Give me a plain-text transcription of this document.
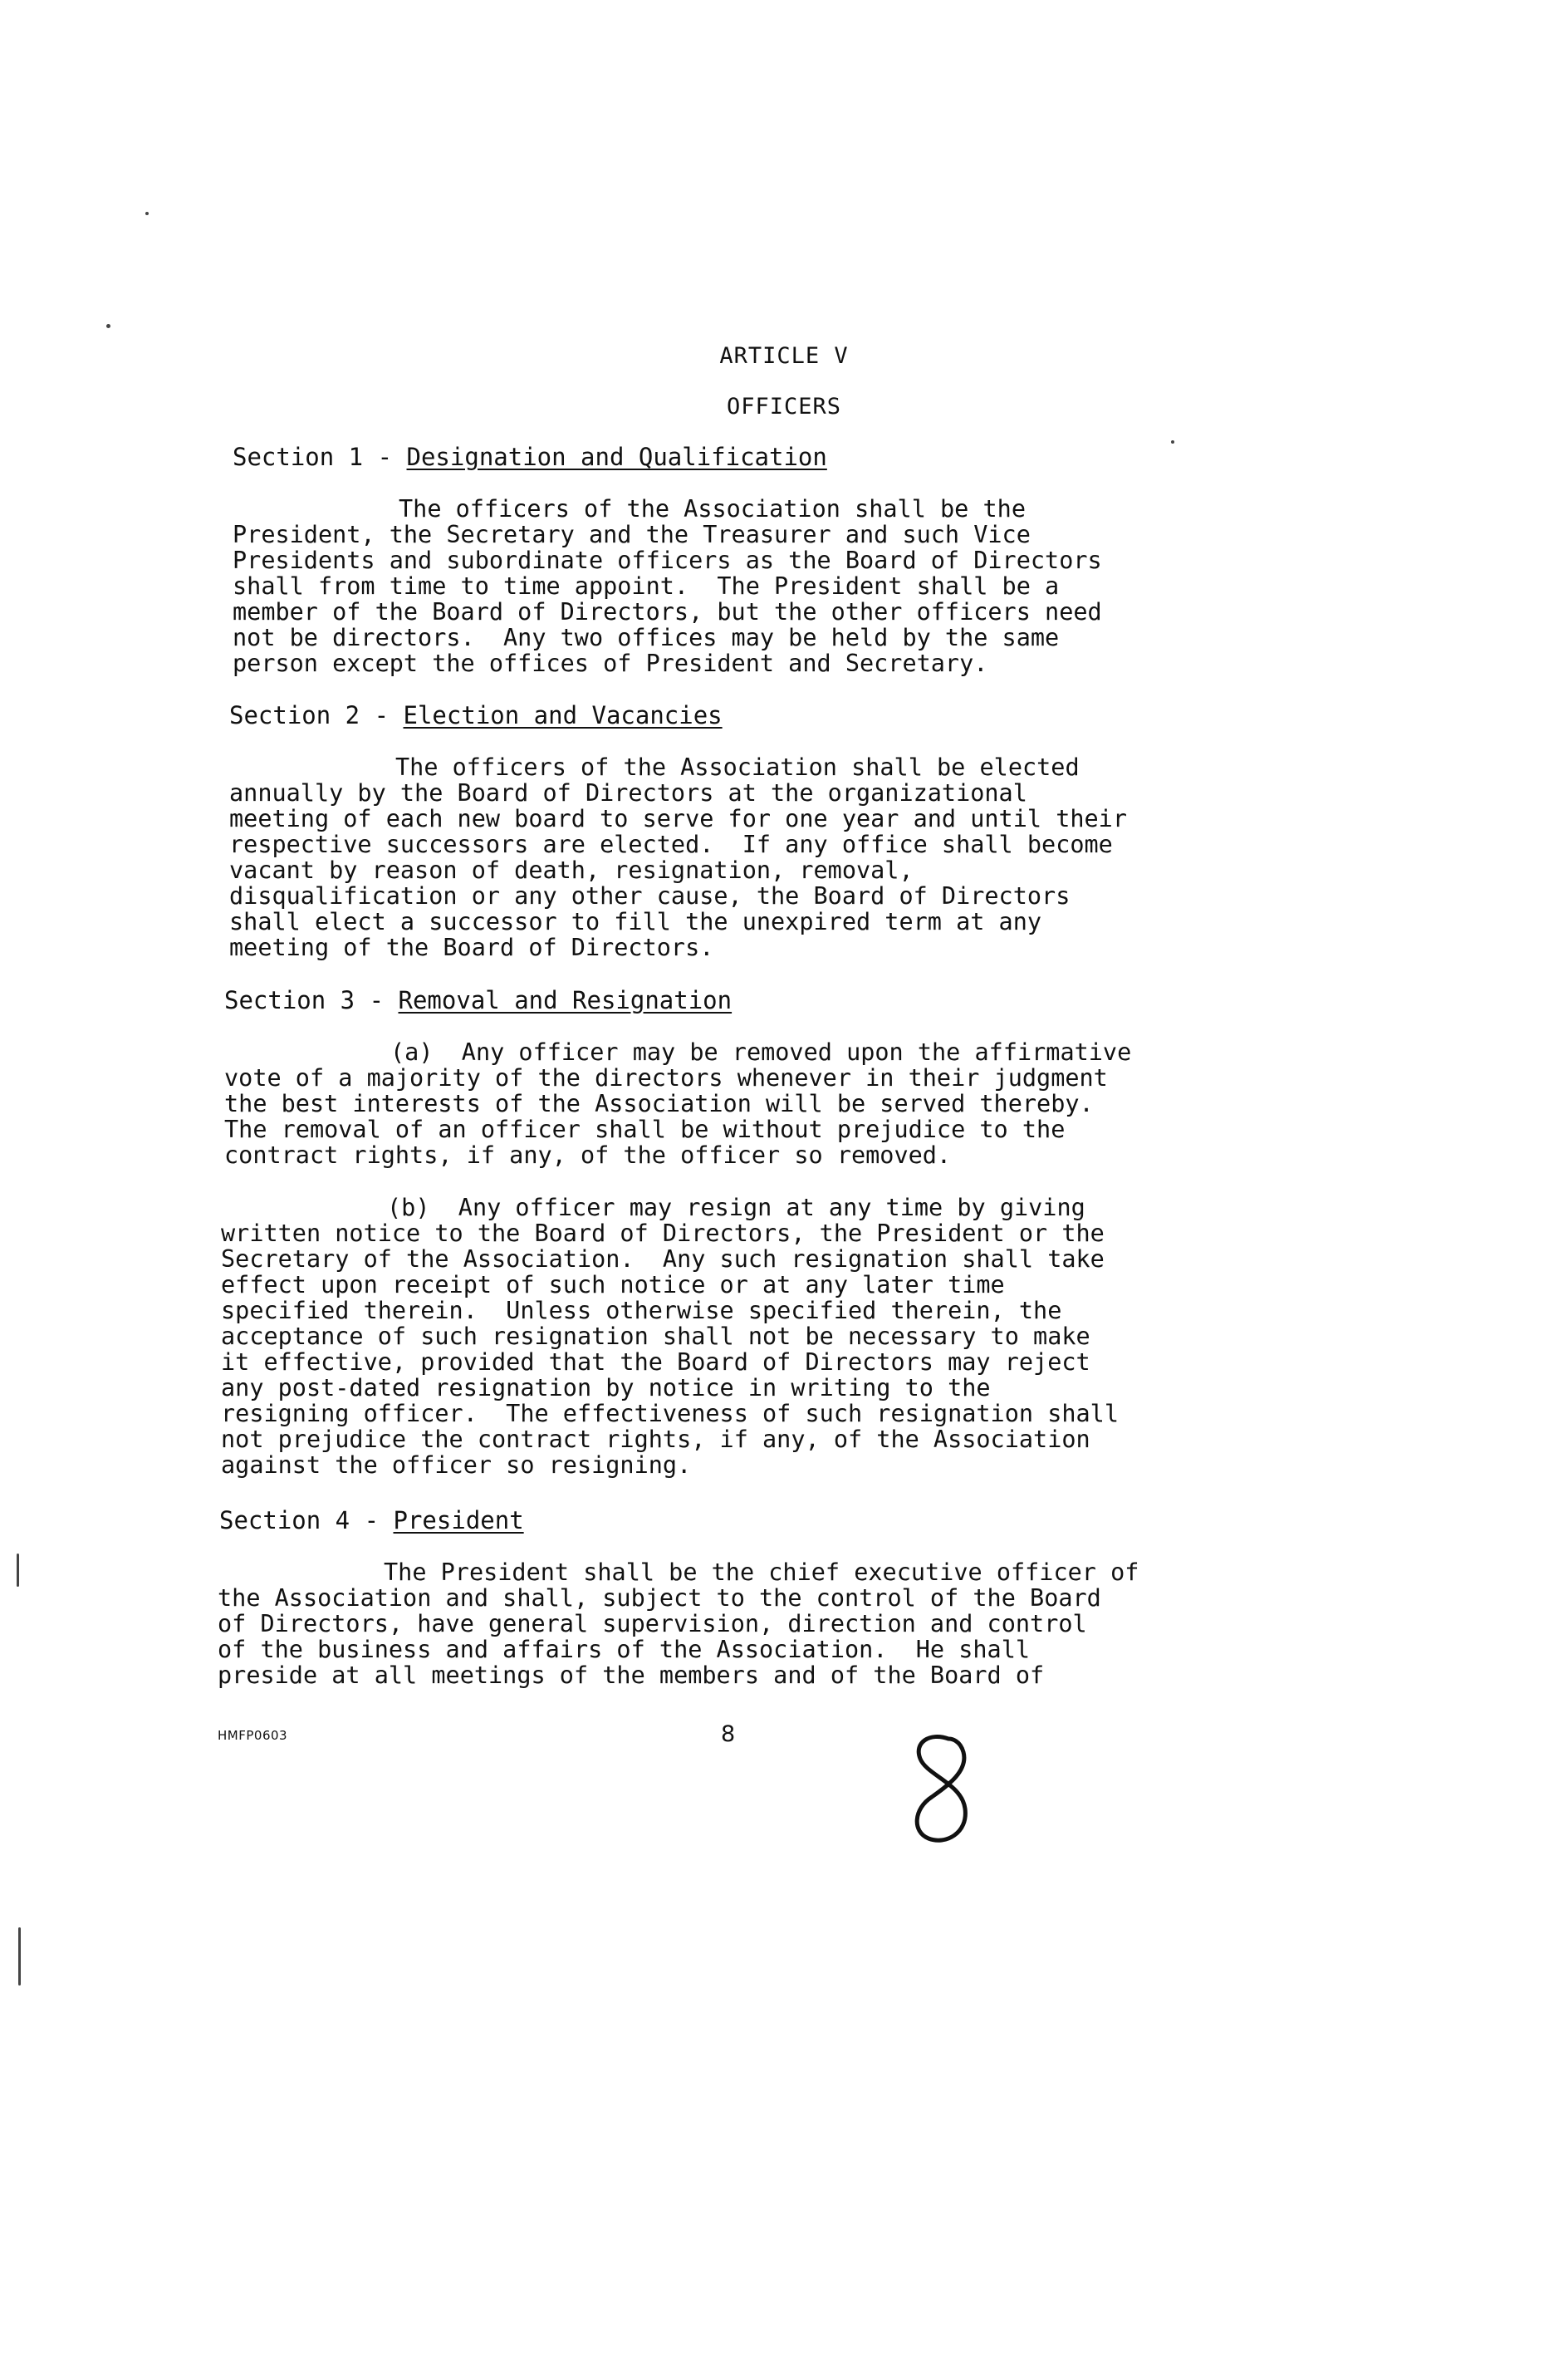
ARTICLE V
OFFICERS
Section 1 - Designation and Qualification
The officers of the Association shall be the
President, the Secretary and the Treasurer and such Vice
Presidents and subordinate officers as the Board of Directors
shall from time to time appoint.  The President shall be a
member of the Board of Directors, but the other officers need
not be directors.  Any two offices may be held by the same
person except the offices of President and Secretary.
Section 2 - Election and Vacancies
The officers of the Association shall be elected
annually by the Board of Directors at the organizational
meeting of each new board to serve for one year and until their
respective successors are elected.  If any office shall become
vacant by reason of death, resignation, removal,
disqualification or any other cause, the Board of Directors
shall elect a successor to fill the unexpired term at any
meeting of the Board of Directors.
Section 3 - Removal and Resignation
(a)  Any officer may be removed upon the affirmative
vote of a majority of the directors whenever in their judgment
the best interests of the Association will be served thereby.
The removal of an officer shall be without prejudice to the
contract rights, if any, of the officer so removed.
(b)  Any officer may resign at any time by giving
written notice to the Board of Directors, the President or the
Secretary of the Association.  Any such resignation shall take
effect upon receipt of such notice or at any later time
specified therein.  Unless otherwise specified therein, the
acceptance of such resignation shall not be necessary to make
it effective, provided that the Board of Directors may reject
any post-dated resignation by notice in writing to the
resigning officer.  The effectiveness of such resignation shall
not prejudice the contract rights, if any, of the Association
against the officer so resigning.
Section 4 - President
The President shall be the chief executive officer of
the Association and shall, subject to the control of the Board
of Directors, have general supervision, direction and control
of the business and affairs of the Association.  He shall
preside at all meetings of the members and of the Board of
HMFP0603	8
